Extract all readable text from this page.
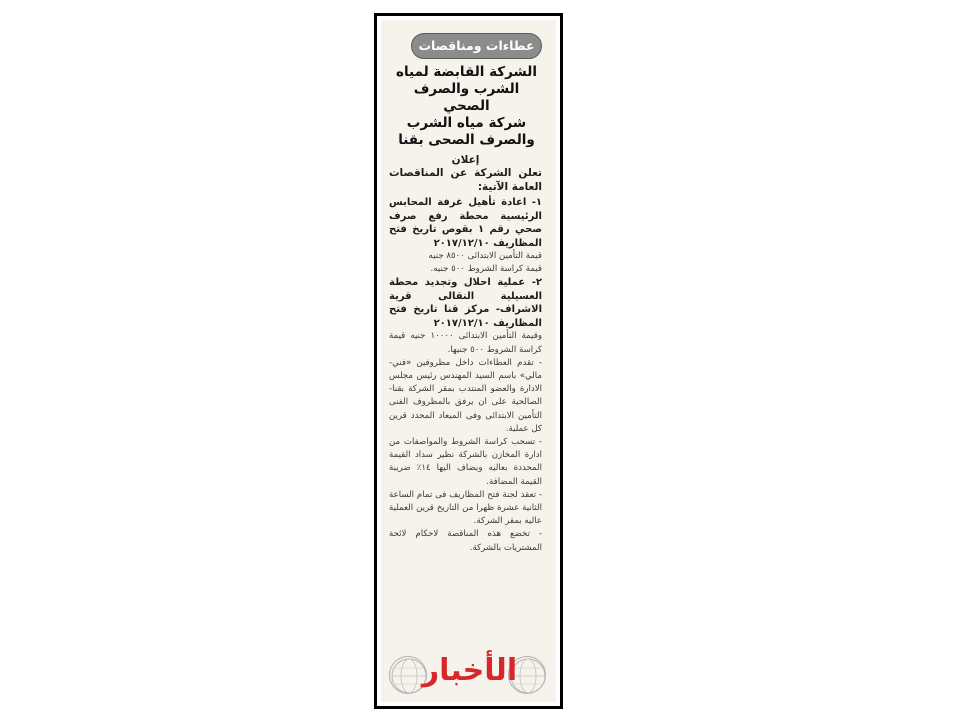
عطاءات ومناقصات
الشركة القابضة لمياه
الشرب والصرف الصحي
شركة مياه الشرب
والصرف الصحى بقنا

إعلان

تعلن الشركة عن المناقصات العامة الآتية:

١- اعادة تأهيل غرفة المحابس الرئيسية محطة رفع صرف صحي رقم ١ بقوص تاريخ فتح المظاريف ٢٠١٧/١٢/١٠

قيمة التأمين الابتدائى ٨٥٠٠ جنيه

قيمة كراسة الشروط ٥٠٠ جنيه.

٢- عملية احلال وتجديد محطة العسيلية النقالى قرية الاشراف- مركز قنا تاريخ فتح المظاريف ٢٠١٧/١٢/١٠

وقيمة التأمين الابتدائى ١٠٠٠٠ جنيه قيمة كراسة الشروط ٥٠٠ جنيها.

- تقدم العطاءات داخل مظروفين «فني- مالي» باسم السيد المهندس رئيس مجلس الادارة والعضو المنتدب بمقر الشركة بقنا- الصالحية على ان يرفق بالمظروف الفنى التأمين الابتدائى وفى الميعاد المحدد قرين كل عملية.

- تسحب كراسة الشروط والمواصفات من ادارة المخازن بالشركة نظير سداد القيمة المحددة بعاليه ويضاف اليها ١٤٪ ضريبة القيمة المضافة.

- تعقد لجنة فتح المظاريف فى تمام الساعة الثانية عشرة ظهرا من التاريخ قرين العملية عاليه بمقر الشركة.

- تخضع هذه المناقصة لاحكام لائحة المشتريات بالشركة.

الأخبار
